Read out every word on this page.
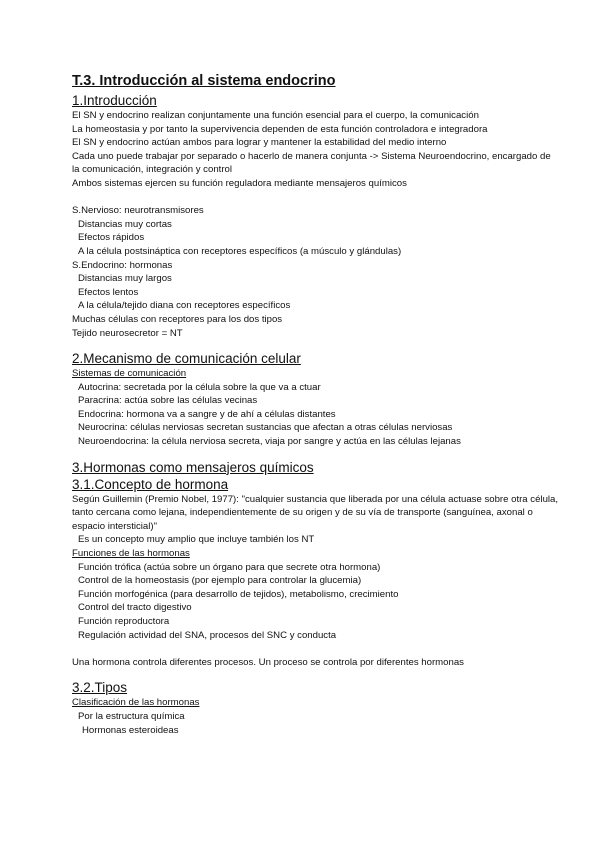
T.3. Introducción al sistema endocrino
1.Introducción

El SN y endocrino realizan conjuntamente una función esencial para el cuerpo, la comunicación

La homeostasia y por tanto la supervivencia dependen de esta función controladora e integradora

El SN y endocrino actúan ambos para lograr y mantener la estabilidad del medio interno

Cada uno puede trabajar por separado o hacerlo de manera conjunta -> Sistema Neuroendocrino, encargado de la comunicación, integración y control

Ambos sistemas ejercen su función reguladora mediante mensajeros químicos

S.Nervioso: neurotransmisores

Distancias muy cortas

Efectos rápidos

A la célula postsináptica con receptores específicos (a músculo y glándulas)

S.Endocrino: hormonas

Distancias muy largos

Efectos lentos

A la célula/tejido diana con receptores específicos

Muchas células con receptores para los dos tipos

Tejido neurosecretor = NT

2.Mecanismo de comunicación celular

Sistemas de comunicación

Autocrina: secretada por la célula sobre la que va a ctuar

Paracrina: actúa sobre las células vecinas

Endocrina: hormona va a sangre y de ahí a células distantes

Neurocrina: células nerviosas secretan sustancias que afectan a otras células nerviosas

Neuroendocrina: la célula nerviosa secreta, viaja por sangre y actúa en las células lejanas

3.Hormonas como mensajeros químicos
3.1.Concepto de hormona

Según Guillemin (Premio Nobel, 1977): "cualquier sustancia que liberada por una célula actuase sobre otra célula, tanto cercana como lejana, independientemente de su origen y de su vía de transporte (sanguínea, axonal o espacio intersticial)"

Es un concepto muy amplio que incluye también los NT

Funciones de las hormonas

Función trófica (actúa sobre un órgano para que secrete otra hormona)

Control de la homeostasis (por ejemplo para controlar la glucemia)

Función morfogénica (para desarrollo de tejidos), metabolismo, crecimiento

Control del tracto digestivo

Función reproductora

Regulación actividad del SNA, procesos del SNC y conducta

Una hormona controla diferentes procesos. Un proceso se controla por diferentes hormonas

3.2.Tipos

Clasificación de las hormonas

Por la estructura química

Hormonas esteroideas
